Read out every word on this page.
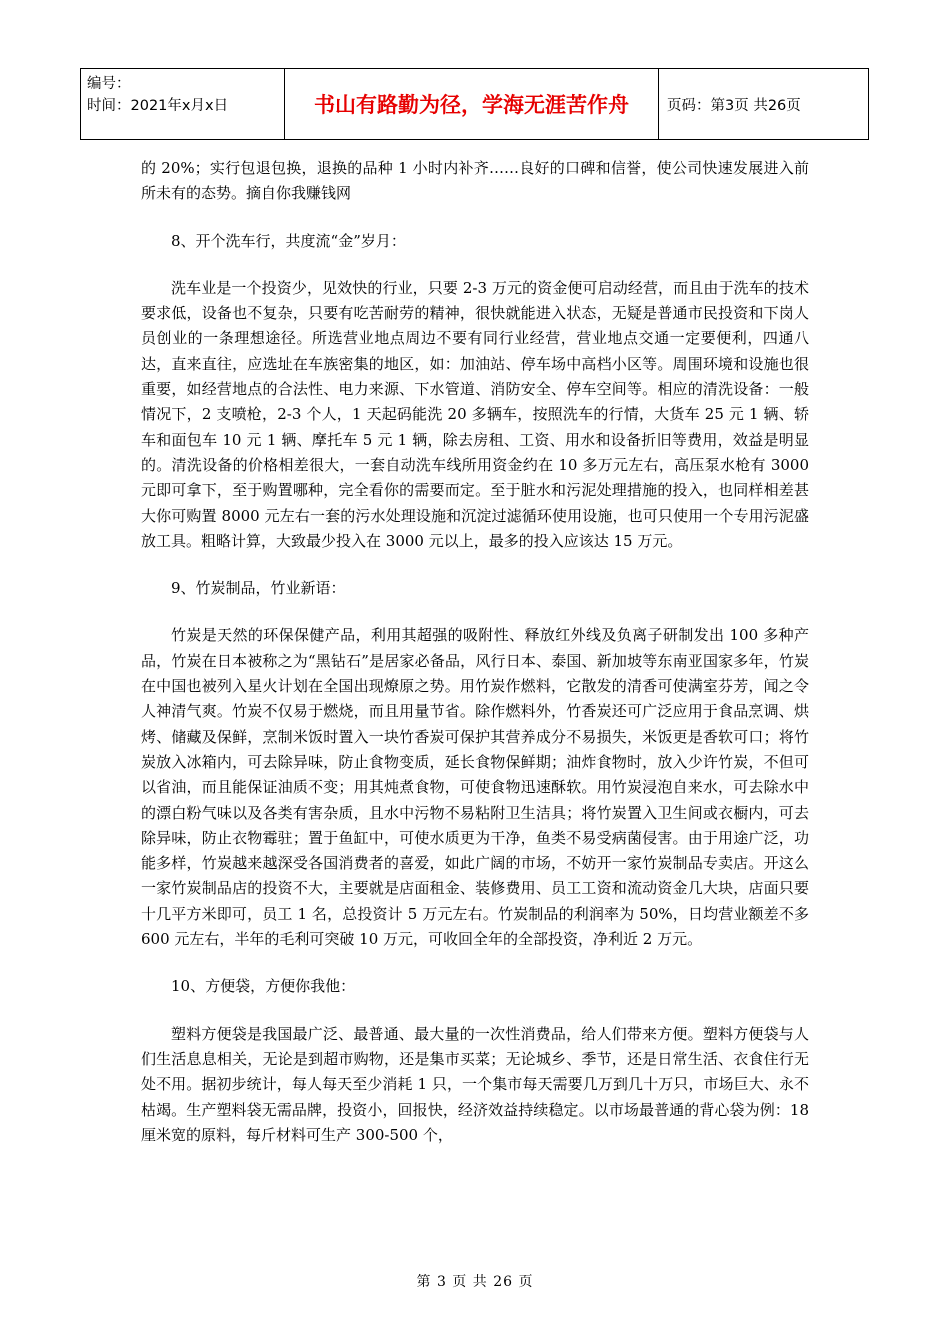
编号：
时间：2021年x月x日	书山有路勤为径，学海无涯苦作舟	页码：第3页 共26页

的 20%；实行包退包换，退换的品种 1 小时内补齐……良好的口碑和信誉，使公司快速发展进入前所未有的态势。摘自你我赚钱网

8、开个洗车行，共度流“金”岁月：

洗车业是一个投资少，见效快的行业，只要 2-3 万元的资金便可启动经营，而且由于洗车的技术要求低，设备也不复杂，只要有吃苦耐劳的精神，很快就能进入状态，无疑是普通市民投资和下岗人员创业的一条理想途径。所选营业地点周边不要有同行业经营，营业地点交通一定要便利，四通八达，直来直往，应选址在车族密集的地区，如：加油站、停车场中高档小区等。周围环境和设施也很重要，如经营地点的合法性、电力来源、下水管道、消防安全、停车空间等。相应的清洗设备：一般情况下，2 支喷枪，2-3 个人，1 天起码能洗 20 多辆车，按照洗车的行情，大货车 25 元 1 辆、轿车和面包车 10 元 1 辆、摩托车 5 元 1 辆，除去房租、工资、用水和设备折旧等费用，效益是明显的。清洗设备的价格相差很大，一套自动洗车线所用资金约在 10 多万元左右，高压泵水枪有 3000 元即可拿下，至于购置哪种，完全看你的需要而定。至于脏水和污泥处理措施的投入，也同样相差甚大你可购置 8000 元左右一套的污水处理设施和沉淀过滤循环使用设施，也可只使用一个专用污泥盛放工具。粗略计算，大致最少投入在 3000 元以上，最多的投入应该达 15 万元。

9、竹炭制品，竹业新语：

竹炭是天然的环保保健产品，利用其超强的吸附性、释放红外线及负离子研制发出 100 多种产品，竹炭在日本被称之为“黑钻石”是居家必备品，风行日本、泰国、新加坡等东南亚国家多年，竹炭在中国也被列入星火计划在全国出现燎原之势。用竹炭作燃料，它散发的清香可使满室芬芳，闻之令人神清气爽。竹炭不仅易于燃烧，而且用量节省。除作燃料外，竹香炭还可广泛应用于食品烹调、烘烤、储藏及保鲜，烹制米饭时置入一块竹香炭可保护其营养成分不易损失，米饭更是香软可口；将竹炭放入冰箱内，可去除异味，防止食物变质，延长食物保鲜期；油炸食物时，放入少许竹炭，不但可以省油，而且能保证油质不变；用其炖煮食物，可使食物迅速酥软。用竹炭浸泡自来水，可去除水中的漂白粉气味以及各类有害杂质，且水中污物不易粘附卫生洁具；将竹炭置入卫生间或衣橱内，可去除异味，防止衣物霉驻；置于鱼缸中，可使水质更为干净，鱼类不易受病菌侵害。由于用途广泛，功能多样，竹炭越来越深受各国消费者的喜爱，如此广阔的市场，不妨开一家竹炭制品专卖店。开这么一家竹炭制品店的投资不大，主要就是店面租金、装修费用、员工工资和流动资金几大块，店面只要十几平方米即可，员工 1 名，总投资计 5 万元左右。竹炭制品的利润率为 50%，日均营业额差不多 600 元左右，半年的毛利可突破 10 万元，可收回全年的全部投资，净利近 2 万元。

10、方便袋，方便你我他：

塑料方便袋是我国最广泛、最普通、最大量的一次性消费品，给人们带来方便。塑料方便袋与人们生活息息相关，无论是到超市购物，还是集市买菜；无论城乡、季节，还是日常生活、衣食住行无处不用。据初步统计，每人每天至少消耗 1 只，一个集市每天需要几万到几十万只，市场巨大、永不枯竭。生产塑料袋无需品牌，投资小，回报快，经济效益持续稳定。以市场最普通的背心袋为例：18 厘米宽的原料，每斤材料可生产 300-500 个，

第 3 页 共 26 页
